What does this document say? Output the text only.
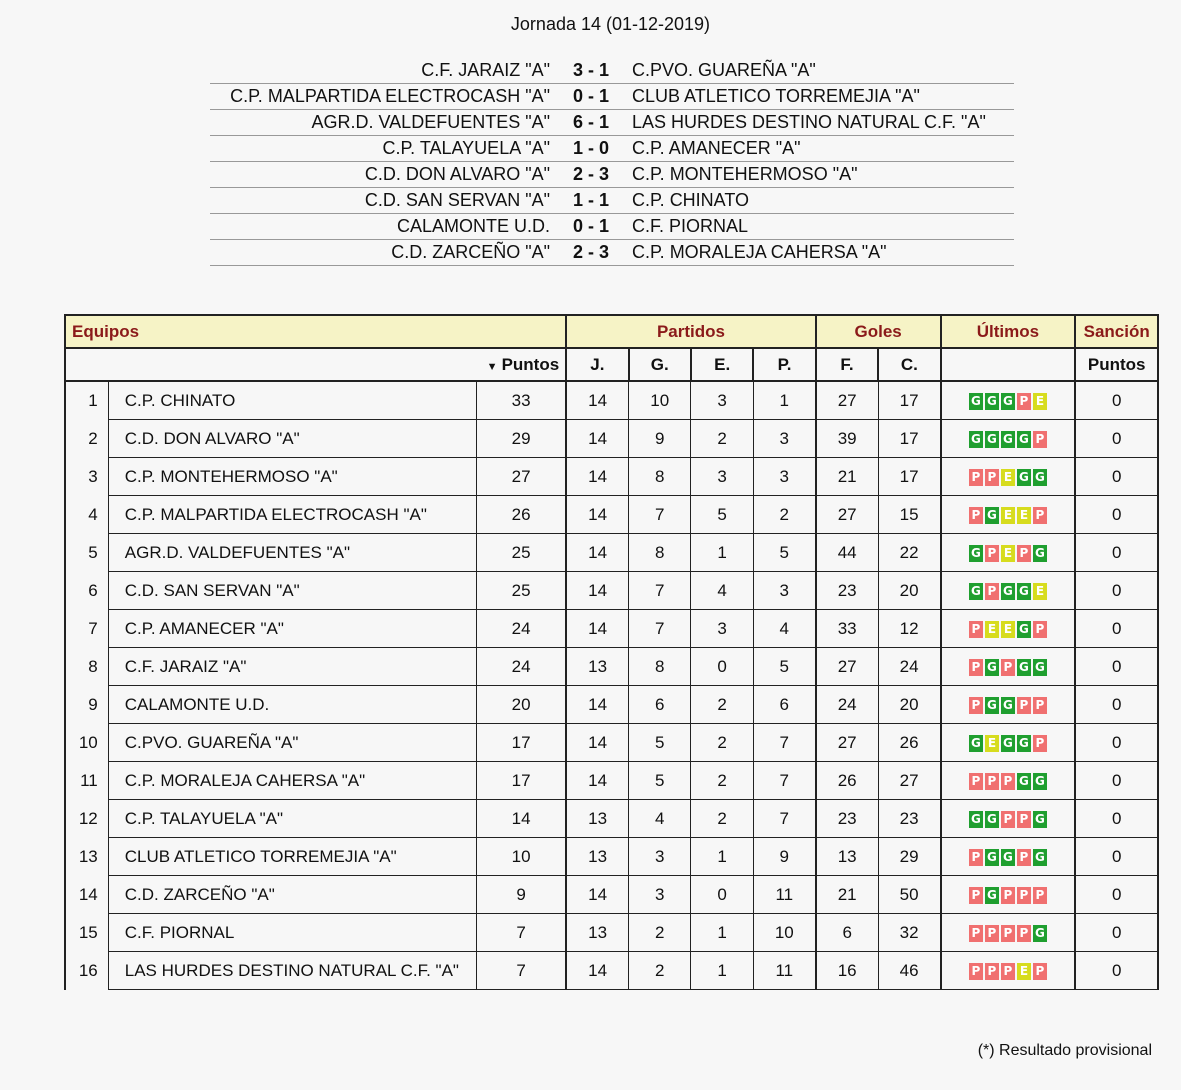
Jornada 14 (01-12-2019)
C.F. JARAIZ "A"	3 - 1	C.PVO. GUAREÑA "A"
C.P. MALPARTIDA ELECTROCASH "A"	0 - 1	CLUB ATLETICO TORREMEJIA "A"
AGR.D. VALDEFUENTES "A"	6 - 1	LAS HURDES DESTINO NATURAL C.F. "A"
C.P. TALAYUELA "A"	1 - 0	C.P. AMANECER "A"
C.D. DON ALVARO "A"	2 - 3	C.P. MONTEHERMOSO "A"
C.D. SAN SERVAN "A"	1 - 1	C.P. CHINATO
CALAMONTE U.D.	0 - 1	C.F. PIORNAL
C.D. ZARCEÑO "A"	2 - 3	C.P. MORALEJA CAHERSA "A"
Equipos			Partidos				Goles		Últimos	Sanción
		▼ Puntos	J.	G.	E.	P.	F.	C.		Puntos
1	C.P. CHINATO	33	14	10	3	1	27	17	G G G P E	0
2	C.D. DON ALVARO "A"	29	14	9	2	3	39	17	G G G G P	0
3	C.P. MONTEHERMOSO "A"	27	14	8	3	3	21	17	P P E G G	0
4	C.P. MALPARTIDA ELECTROCASH "A"	26	14	7	5	2	27	15	P G E E P	0
5	AGR.D. VALDEFUENTES "A"	25	14	8	1	5	44	22	G P E P G	0
6	C.D. SAN SERVAN "A"	25	14	7	4	3	23	20	G P G G E	0
7	C.P. AMANECER "A"	24	14	7	3	4	33	12	P E E G P	0
8	C.F. JARAIZ "A"	24	13	8	0	5	27	24	P G P G G	0
9	CALAMONTE U.D.	20	14	6	2	6	24	20	P G G P P	0
10	C.PVO. GUAREÑA "A"	17	14	5	2	7	27	26	G E G G P	0
11	C.P. MORALEJA CAHERSA "A"	17	14	5	2	7	26	27	P P P G G	0
12	C.P. TALAYUELA "A"	14	13	4	2	7	23	23	G G P P G	0
13	CLUB ATLETICO TORREMEJIA "A"	10	13	3	1	9	13	29	P G G P G	0
14	C.D. ZARCEÑO "A"	9	14	3	0	11	21	50	P G P P P	0
15	C.F. PIORNAL	7	13	2	1	10	6	32	P P P P G	0
16	LAS HURDES DESTINO NATURAL C.F. "A"	7	14	2	1	11	16	46	P P P E P	0
(*) Resultado provisional
